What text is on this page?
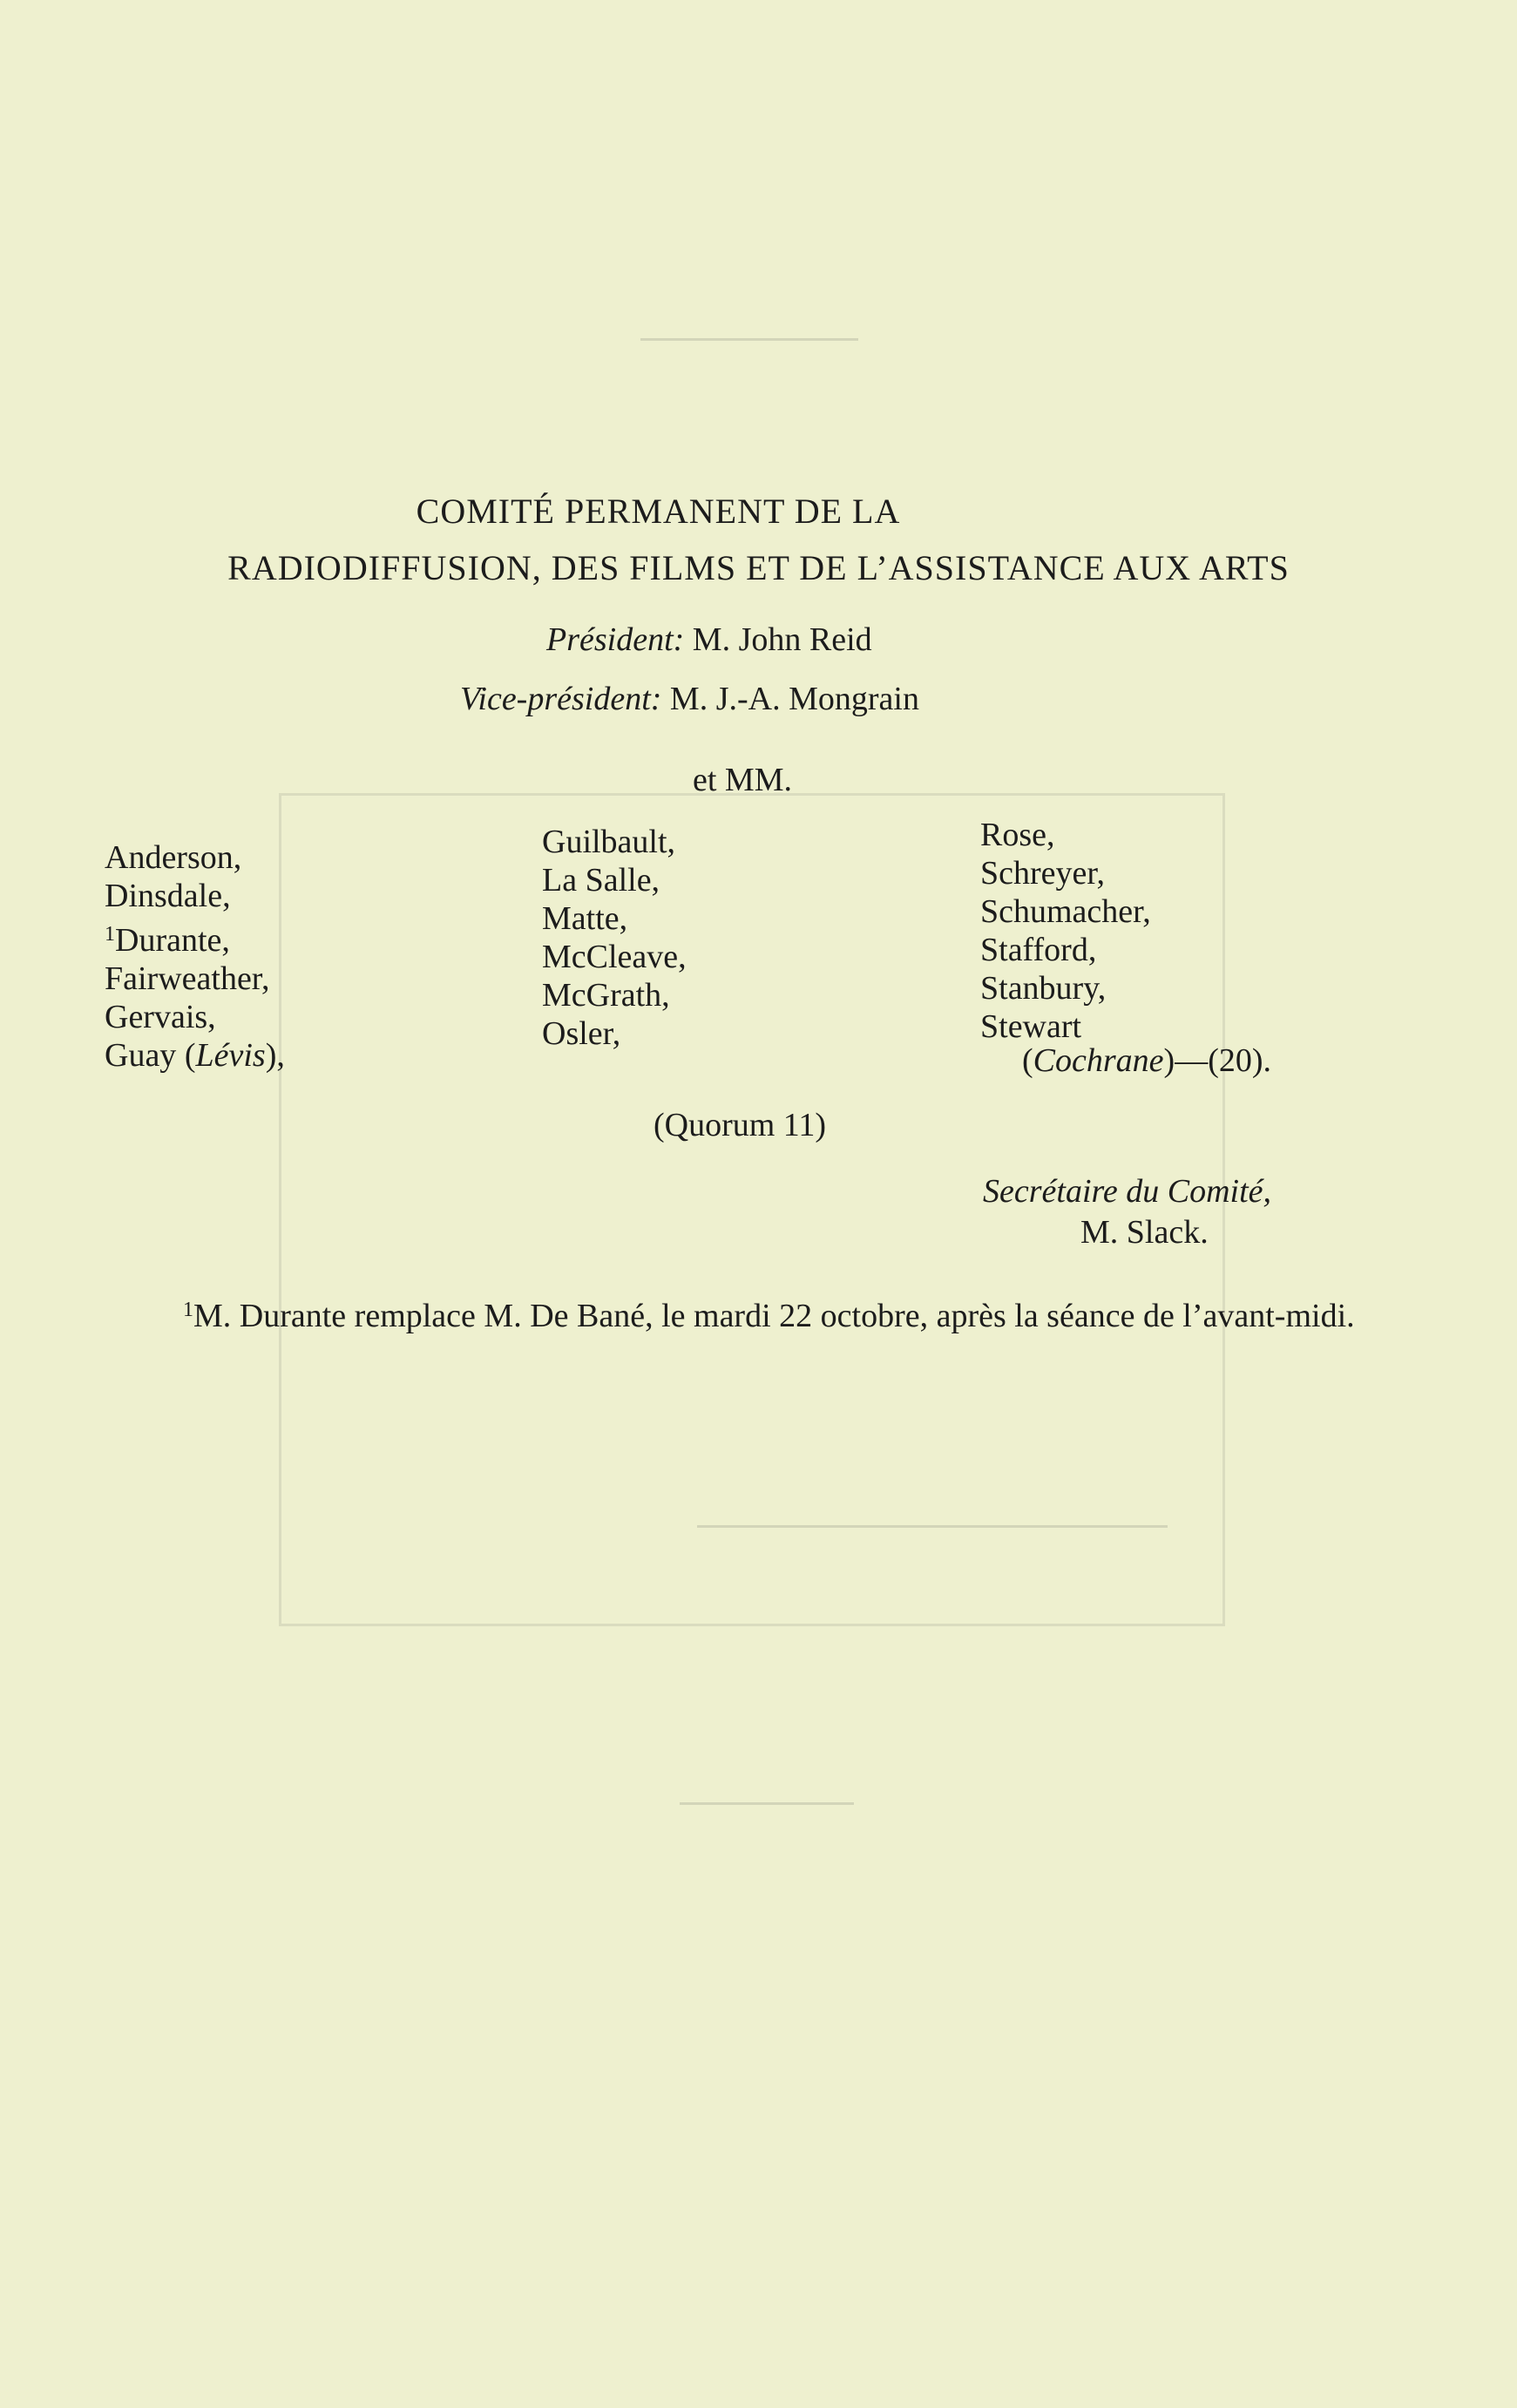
COMITÉ PERMANENT DE LA
RADIODIFFUSION, DES FILMS ET DE L’ASSISTANCE AUX ARTS
Président: M. John Reid
Vice-président: M. J.-A. Mongrain
et MM.
Anderson,
Dinsdale,
$^1$Durante,
Fairweather,
Gervais,
Guay (Lévis),
Guilbault,
La Salle,
Matte,
McCleave,
McGrath,
Osler,
Rose,
Schreyer,
Schumacher,
Stafford,
Stanbury,
Stewart
(Cochrane)—(20).
(Quorum 11)
Secrétaire du Comité,
M. Slack.
$^1$M. Durante remplace M. De Bané, le mardi 22 octobre, après la séance de l’avant-midi.
